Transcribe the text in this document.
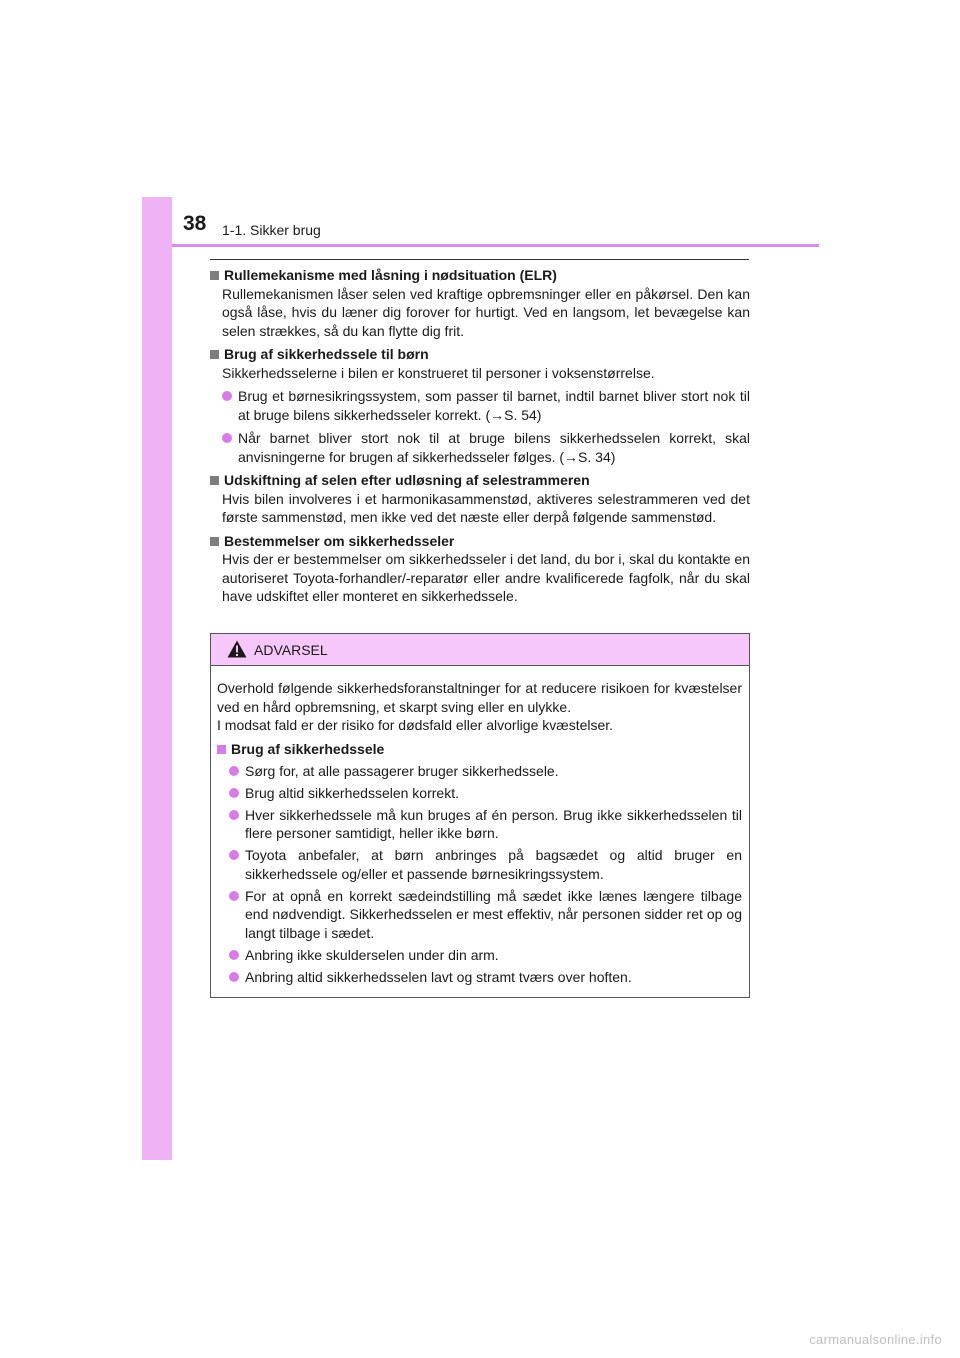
38 1-1. Sikker brug
Rullemekanisme med låsning i nødsituation (ELR)
Rullemekanismen låser selen ved kraftige opbremsninger eller en påkørsel. Den kan også låse, hvis du læner dig forover for hurtigt. Ved en langsom, let bevægelse kan selen strækkes, så du kan flytte dig frit.
Brug af sikkerhedssele til børn
Sikkerhedsselerne i bilen er konstrueret til personer i voksenstørrelse.
Brug et børnesikringssystem, som passer til barnet, indtil barnet bliver stort nok til at bruge bilens sikkerhedsseler korrekt. (→S. 54)
Når barnet bliver stort nok til at bruge bilens sikkerhedsselen korrekt, skal anvisningerne for brugen af sikkerhedsseler følges. (→S. 34)
Udskiftning af selen efter udløsning af selestrammeren
Hvis bilen involveres i et harmonikasammenstød, aktiveres selestrammeren ved det første sammenstød, men ikke ved det næste eller derpå følgende sammenstød.
Bestemmelser om sikkerhedsseler
Hvis der er bestemmelser om sikkerhedsseler i det land, du bor i, skal du kontakte en autoriseret Toyota-forhandler/-reparatør eller andre kvalificerede fagfolk, når du skal have udskiftet eller monteret en sikkerhedssele.
ADVARSEL
Overhold følgende sikkerhedsforanstaltninger for at reducere risikoen for kvæstelser ved en hård opbremsning, et skarpt sving eller en ulykke.
I modsat fald er der risiko for dødsfald eller alvorlige kvæstelser.
Brug af sikkerhedssele
Sørg for, at alle passagerer bruger sikkerhedssele.
Brug altid sikkerhedsselen korrekt.
Hver sikkerhedssele må kun bruges af én person. Brug ikke sikkerhedsselen til flere personer samtidigt, heller ikke børn.
Toyota anbefaler, at børn anbringes på bagsædet og altid bruger en sikkerhedssele og/eller et passende børnesikringssystem.
For at opnå en korrekt sædeindstilling må sædet ikke lænes længere tilbage end nødvendigt. Sikkerhedsselen er mest effektiv, når personen sidder ret op og langt tilbage i sædet.
Anbring ikke skulderselen under din arm.
Anbring altid sikkerhedsselen lavt og stramt tværs over hoften.
carmanualsonline.info
